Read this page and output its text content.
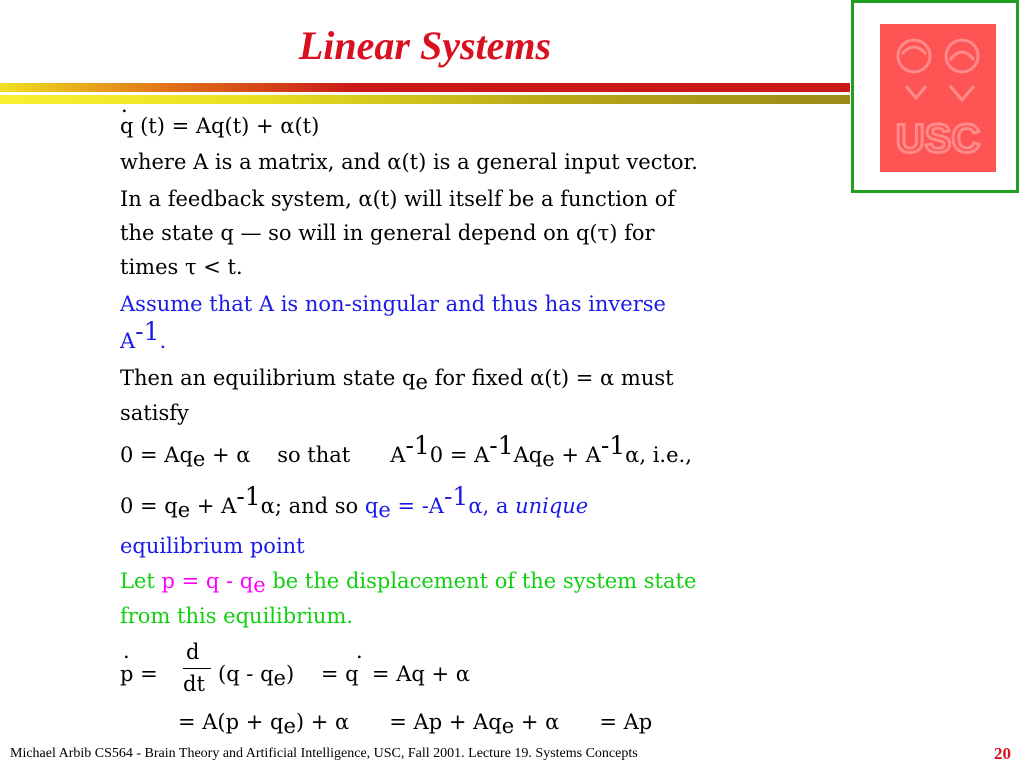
Linear Systems
USC
.
q (t) = Aq(t) + α(t)
where A is a matrix, and α(t) is a general input vector.
In a feedback system, α(t) will itself be a function of
the state q — so will in general depend on q(τ) for
times τ < t.
Assume that A is non-singular and thus has inverse
A-1.
Then an equilibrium state qe for fixed α(t) = α must
satisfy
0 = Aqe + α    so that      A-10 = A-1Aqe + A-1α, i.e.,
0 = qe + A-1α; and so qe = -A-1α, a unique
equilibrium point
Let p = q - qe be the displacement of the system state
from this equilibrium.
.
p =
d
dt (q - qe)    = q  = Aq + α
.
= A(p + qe) + α      = Ap + Aqe + α      = Ap
Michael Arbib CS564 - Brain Theory and Artificial Intelligence, USC, Fall 2001. Lecture 19. Systems Concepts	20
